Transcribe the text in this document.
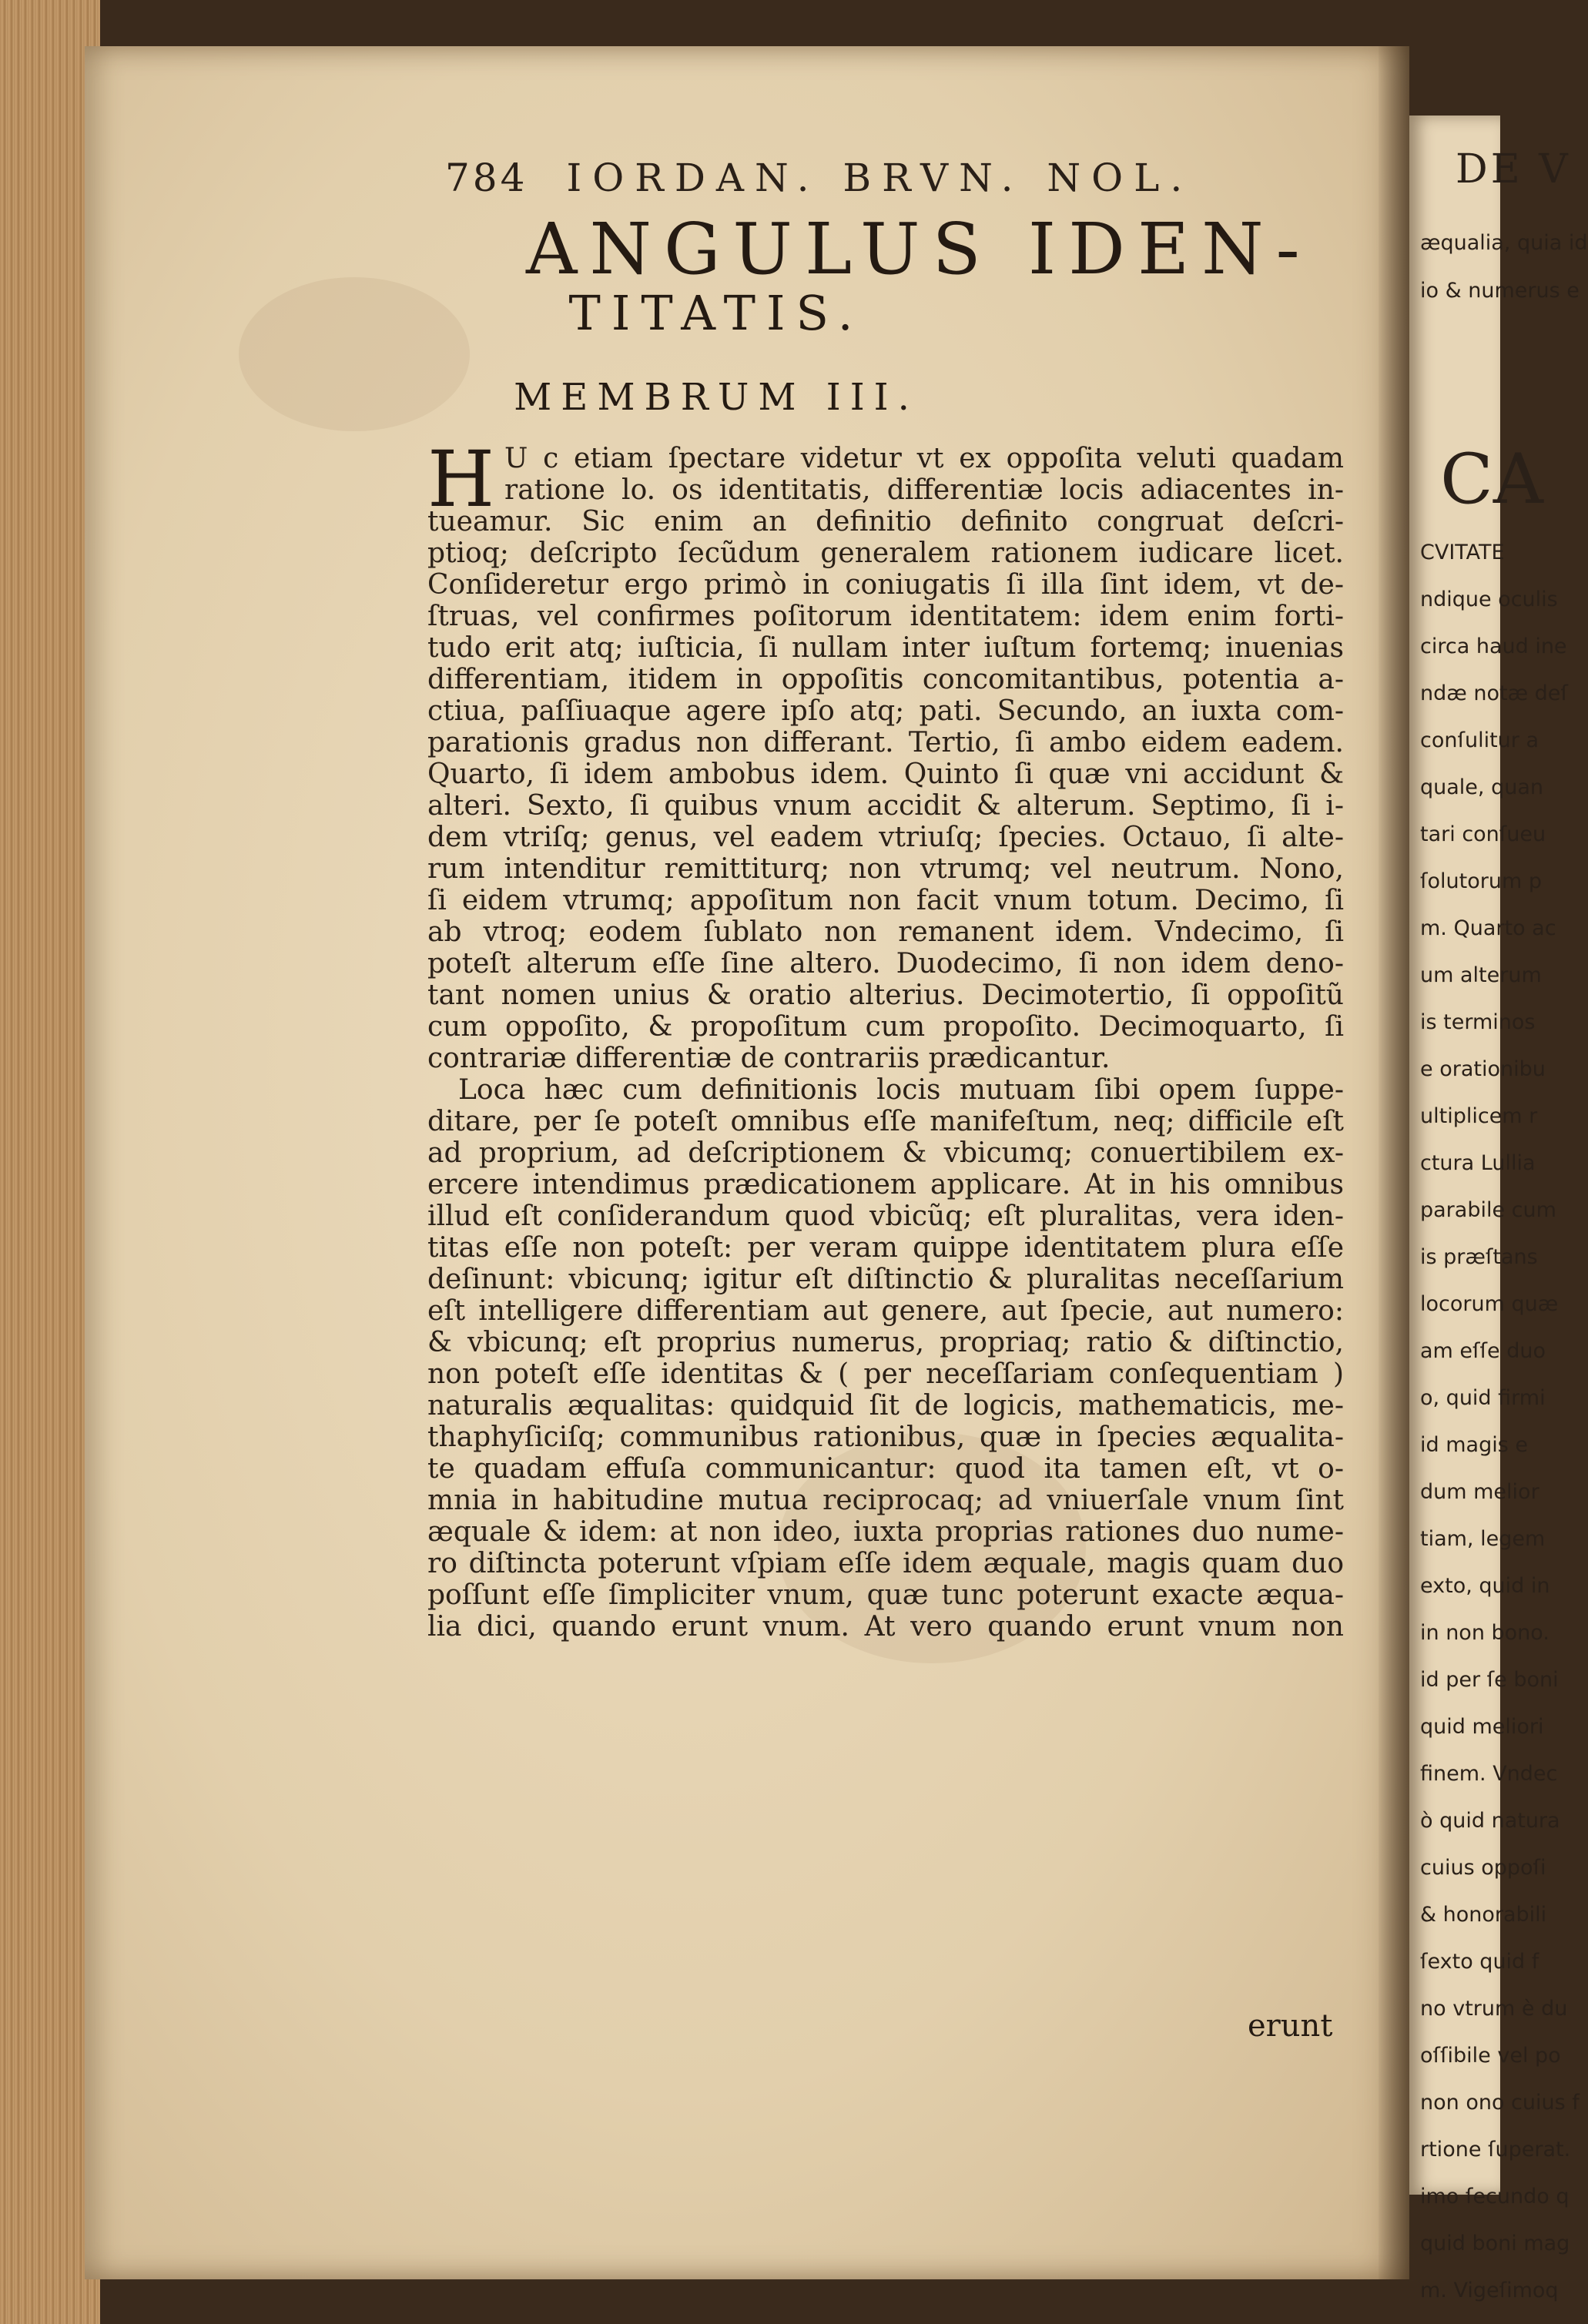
DE V
CA
æqualia, quia id
io & numerus e
CVITATE
ndique oculis
circa haud ine
ndæ notæ deſ
conſulitur a
quale, quan
tari conſueu
ſolutorum p
m. Quarto ac
um alterum
is terminos
e orationibu
ultiplicem r
ctura Lullia
parabile cum
is præſtans
locorum quæ
am eſſe duo
o, quid firmi
id magis e
dum melior
tiam, legem
exto, quid in
in non bono.
id per ſe boni
quid meliori
finem. Vndec
ò quid natura
cuius oppoſi
& honorabili
ſexto quid f
no vtrum è du
oſſibile vel po
non ono cuius f
rtione ſuperat.
imo ſecundo q
quid boni mag
m. Vigeſimoq
784 IORDAN. BRVN. NOL.
ANGULUS IDEN-
TITATIS.
MEMBRUM III.
H U c etiam ſpectare videtur vt ex oppoſita veluti quadam
ratione lo. os identitatis, differentiæ locis adiacentes in-
tueamur. Sic enim an definitio definito congruat deſcri-
ptioq; deſcripto ſecũdum generalem rationem iudicare licet.
Conſideretur ergo primò in coniugatis ſi illa ſint idem, vt de-
ſtruas, vel confirmes poſitorum identitatem: idem enim forti-
tudo erit atq; iuſticia, ſi nullam inter iuſtum fortemq; inuenias
differentiam, itidem in oppoſitis concomitantibus, potentia a-
ctiua, paſſiuaque agere ipſo atq; pati. Secundo, an iuxta com-
parationis gradus non differant. Tertio, ſi ambo eidem eadem.
Quarto, ſi idem ambobus idem. Quinto ſi quæ vni accidunt &
alteri. Sexto, ſi quibus vnum accidit & alterum. Septimo, ſi i-
dem vtriſq; genus, vel eadem vtriuſq; ſpecies. Octauo, ſi alte-
rum intenditur remittiturq; non vtrumq; vel neutrum. Nono,
ſi eidem vtrumq; appoſitum non facit vnum totum. Decimo, ſi
ab vtroq; eodem ſublato non remanent idem. Vndecimo, ſi
poteſt alterum eſſe ſine altero. Duodecimo, ſi non idem deno-
tant nomen unius & oratio alterius. Decimotertio, ſi oppoſitũ
cum oppoſito, & propoſitum cum propoſito. Decimoquarto, ſi
contrariæ differentiæ de contrariis prædicantur.
Loca hæc cum definitionis locis mutuam ſibi opem ſuppe-
ditare, per ſe poteſt omnibus eſſe manifeſtum, neq; difficile eſt
ad proprium, ad deſcriptionem & vbicumq; conuertibilem ex-
ercere intendimus prædicationem applicare. At in his omnibus
illud eſt conſiderandum quod vbicũq; eſt pluralitas, vera iden-
titas eſſe non poteſt: per veram quippe identitatem plura eſſe
deſinunt: vbicunq; igitur eſt diſtinctio & pluralitas neceſſarium
eſt intelligere differentiam aut genere, aut ſpecie, aut numero:
& vbicunq; eſt proprius numerus, propriaq; ratio & diſtinctio,
non poteſt eſſe identitas & ( per neceſſariam conſequentiam )
naturalis æqualitas: quidquid ſit de logicis, mathematicis, me-
thaphyſiciſq; communibus rationibus, quæ in ſpecies æqualita-
te quadam effuſa communicantur: quod ita tamen eſt, vt o-
mnia in habitudine mutua reciprocaq; ad vniuerſale vnum ſint
æquale & idem: at non ideo, iuxta proprias rationes duo nume-
ro diſtincta poterunt vſpiam eſſe idem æquale, magis quam duo
poſſunt eſſe ſimpliciter vnum, quæ tunc poterunt exacte æqua-
lia dici, quando erunt vnum. At vero quando erunt vnum non
erunt
